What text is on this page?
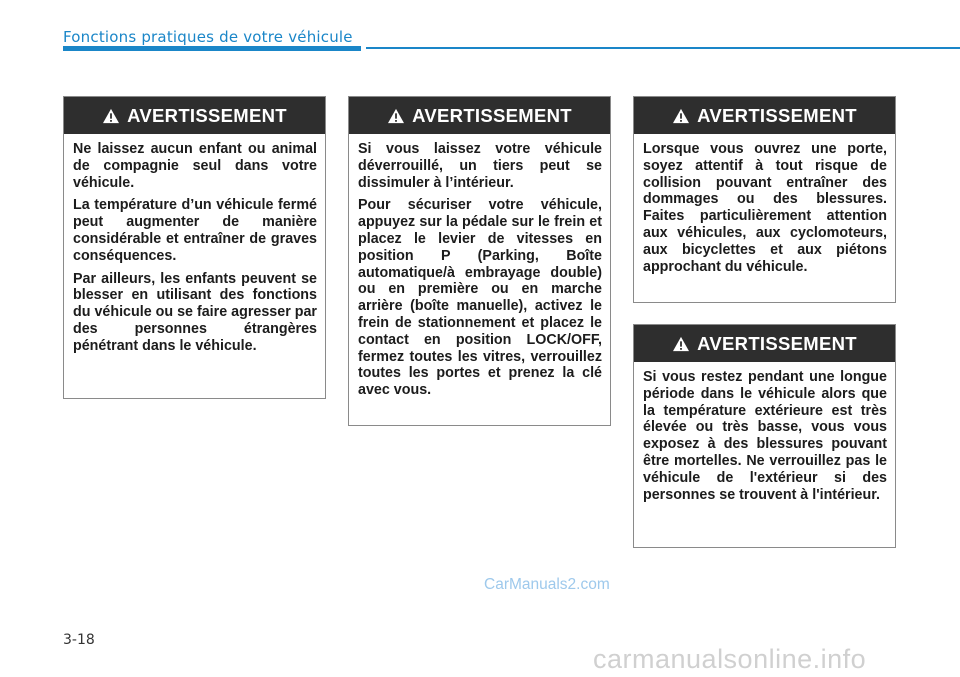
Fonctions pratiques de votre véhicule
AVERTISSEMENT

Ne laissez aucun enfant ou animal de compagnie seul dans votre véhicule.

La température d’un véhicule fermé peut augmenter de manière considérable et entraîner de graves conséquences.

Par ailleurs, les enfants peuvent se blesser en utilisant des fonctions du véhicule ou se faire agresser par des personnes étrangères pénétrant dans le véhicule.

AVERTISSEMENT

Si vous laissez votre véhicule déverrouillé, un tiers peut se dissimuler à l’intérieur.

Pour sécuriser votre véhicule, appuyez sur la pédale sur le frein et placez le levier de vitesses en position P (Parking, Boîte automatique/à embrayage double) ou en première ou en marche arrière (boîte manuelle), activez le frein de stationnement et placez le contact en position LOCK/OFF, fermez toutes les vitres, verrouillez toutes les portes et prenez la clé avec vous.

AVERTISSEMENT

Lorsque vous ouvrez une porte, soyez attentif à tout risque de collision pouvant entraîner des dommages ou des blessures. Faites particulièrement attention aux véhicules, aux cyclomoteurs, aux bicyclettes et aux piétons approchant du véhicule.

AVERTISSEMENT

Si vous restez pendant une longue période dans le véhicule alors que la température extérieure est très élevée ou très basse, vous vous exposez à des blessures pouvant être mortelles. Ne verrouillez pas le véhicule de l'extérieur si des personnes se trouvent à l'intérieur.

CarManuals2.com
3-18
carmanualsonline.info
